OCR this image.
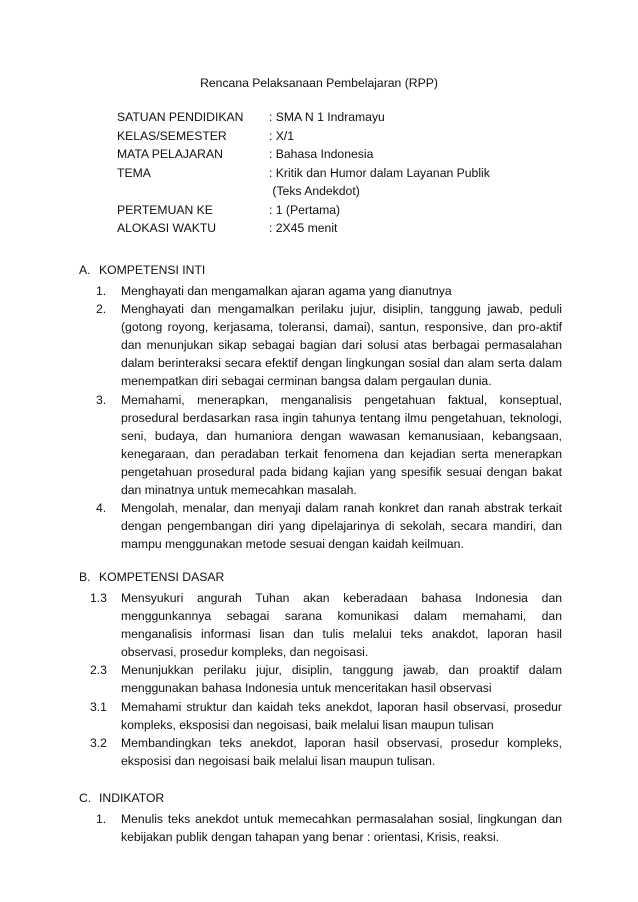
Rencana Pelaksanaan Pembelajaran (RPP)
SATUAN PENDIDIKAN : SMA N 1 Indramayu
KELAS/SEMESTER	: X/1
MATA PELAJARAN	: Bahasa Indonesia
TEMA	: Kritik dan Humor dalam Layanan Publik
(Teks Andekdot)
PERTEMUAN KE	: 1 (Pertama)
ALOKASI WAKTU	: 2X45 menit
A. KOMPETENSI INTI
1. Menghayati dan mengamalkan ajaran agama yang dianutnya
2. Menghayati dan mengamalkan perilaku jujur, disiplin, tanggung jawab, peduli (gotong royong, kerjasama, toleransi, damai), santun, responsive, dan pro-aktif dan menunjukan sikap sebagai bagian dari solusi atas berbagai permasalahan dalam berinteraksi secara efektif dengan lingkungan sosial dan alam serta dalam menempatkan diri sebagai cerminan bangsa dalam pergaulan dunia.
3. Memahami, menerapkan, menganalisis pengetahuan faktual, konseptual, prosedural berdasarkan rasa ingin tahunya tentang ilmu pengetahuan, teknologi, seni, budaya, dan humaniora dengan wawasan kemanusiaan, kebangsaan, kenegaraan, dan peradaban terkait fenomena dan kejadian serta menerapkan pengetahuan prosedural pada bidang kajian yang spesifik sesuai dengan bakat dan minatnya untuk memecahkan masalah.
4. Mengolah, menalar, dan menyaji dalam ranah konkret dan ranah abstrak terkait dengan pengembangan diri yang dipelajarinya di sekolah, secara mandiri, dan mampu menggunakan metode sesuai dengan kaidah keilmuan.
B. KOMPETENSI DASAR
1.3 Mensyukuri angurah Tuhan akan keberadaan bahasa Indonesia dan menggunkannya sebagai sarana komunikasi dalam memahami, dan menganalisis informasi lisan dan tulis melalui teks anakdot, laporan hasil observasi, prosedur kompleks, dan negoisasi.
2.3 Menunjukkan perilaku jujur, disiplin, tanggung jawab, dan proaktif dalam menggunakan bahasa Indonesia untuk menceritakan hasil observasi
3.1 Memahami struktur dan kaidah teks anekdot, laporan hasil observasi, prosedur kompleks, eksposisi dan negoisasi, baik melalui lisan maupun tulisan
3.2 Membandingkan teks anekdot, laporan hasil observasi, prosedur kompleks, eksposisi dan negoisasi baik melalui lisan maupun tulisan.
C. INDIKATOR
1. Menulis teks anekdot untuk memecahkan permasalahan sosial, lingkungan dan kebijakan publik dengan tahapan yang benar : orientasi, Krisis, reaksi.
